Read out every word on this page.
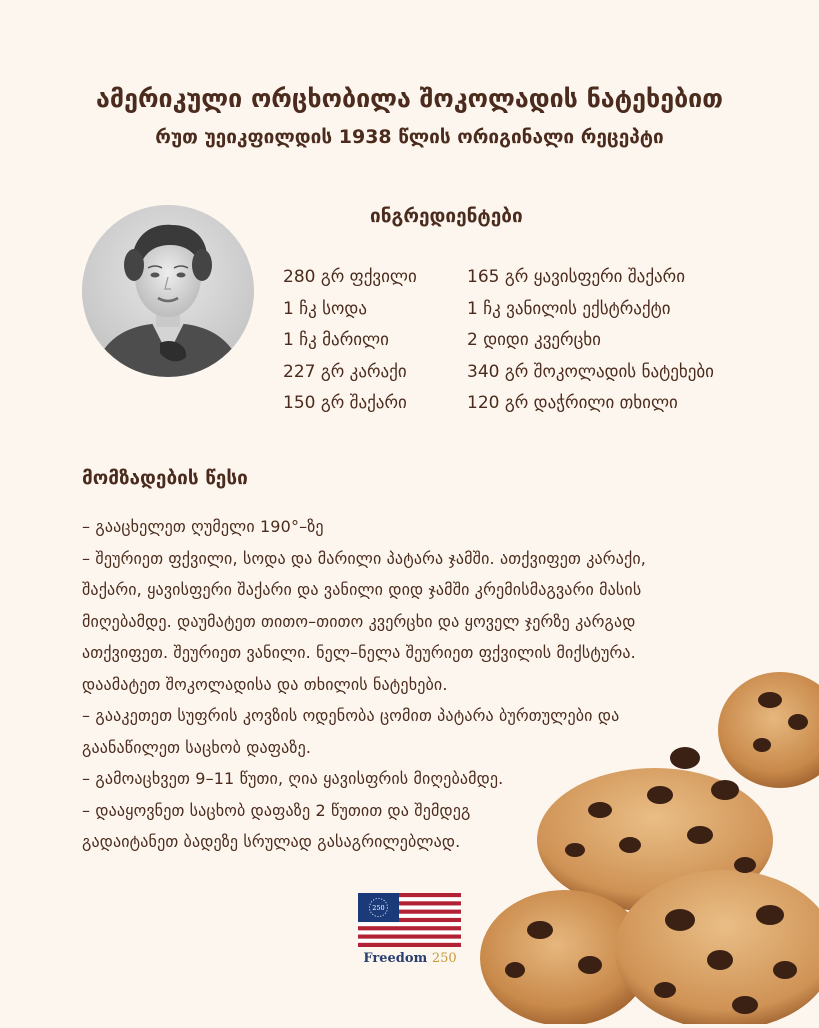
ამერიკული ორცხობილა შოკოლადის ნატეხებით
რუთ უეიკფილდის 1938 წლის ორიგინალი რეცეპტი
ინგრედიენტები
280 გრ ფქვილი
1 ჩკ სოდა
1 ჩკ მარილი
227 გრ კარაქი
150 გრ შაქარი
165 გრ ყავისფერი შაქარი
1 ჩკ ვანილის ექსტრაქტი
2 დიდი კვერცხი
340 გრ შოკოლადის ნატეხები
120 გრ დაჭრილი თხილი
მომზადების წესი
– გააცხელეთ ღუმელი 190°–ზე
– შეურიეთ ფქვილი, სოდა და მარილი პატარა ჯამში. ათქვიფეთ კარაქი,
შაქარი, ყავისფერი შაქარი და ვანილი დიდ ჯამში კრემისმაგვარი მასის
მიღებამდე. დაუმატეთ თითო–თითო კვერცხი და ყოველ ჯერზე კარგად
ათქვიფეთ. შეურიეთ ვანილი. ნელ–ნელა შეურიეთ ფქვილის მიქსტურა.
დაამატეთ შოკოლადისა და თხილის ნატეხები.
– გააკეთეთ სუფრის კოვზის ოდენობა ცომით პატარა ბურთულები და
გაანაწილეთ საცხობ დაფაზე.
– გამოაცხვეთ 9–11 წუთი, ღია ყავისფრის მიღებამდე.
– დააყოვნეთ საცხობ დაფაზე 2 წუთით და შემდეგ
გადაიტანეთ ბადეზე სრულად გასაგრილებლად.
250
Freedom 250
